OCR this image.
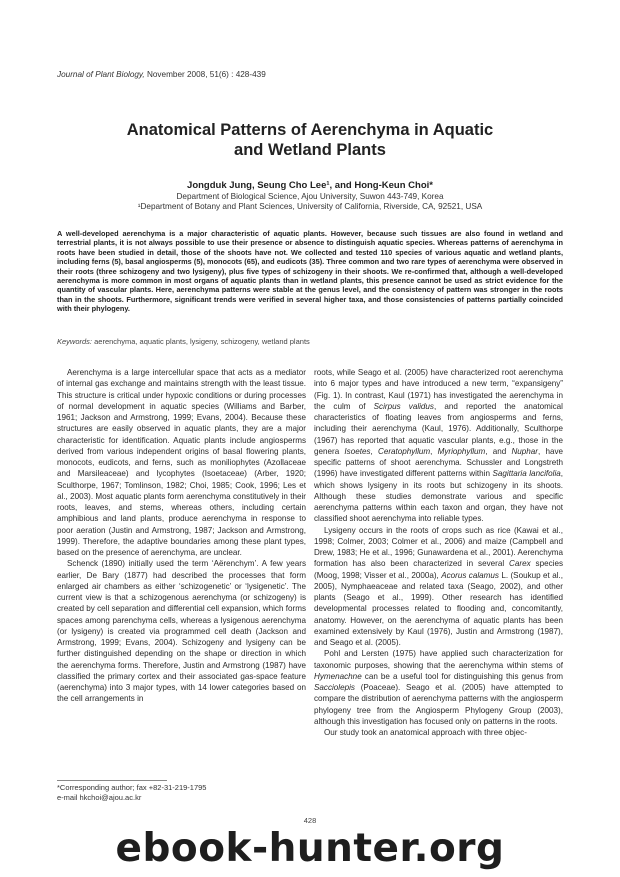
Journal of Plant Biology, November 2008, 51(6) : 428-439
Anatomical Patterns of Aerenchyma in Aquatic
and Wetland Plants
Jongduk Jung, Seung Cho Lee¹, and Hong-Keun Choi*
Department of Biological Science, Ajou University, Suwon 443-749, Korea
¹Department of Botany and Plant Sciences, University of California, Riverside, CA, 92521, USA
A well-developed aerenchyma is a major characteristic of aquatic plants. However, because such tissues are also found in wetland and terrestrial plants, it is not always possible to use their presence or absence to distinguish aquatic species. Whereas patterns of aerenchyma in roots have been studied in detail, those of the shoots have not. We collected and tested 110 species of various aquatic and wetland plants, including ferns (5), basal angiosperms (5), monocots (65), and eudicots (35). Three common and two rare types of aerenchyma were observed in their roots (three schizogeny and two lysigeny), plus five types of schizogeny in their shoots. We re-confirmed that, although a well-developed aerenchyma is more common in most organs of aquatic plants than in wetland plants, this presence cannot be used as strict evidence for the quantity of vascular plants. Here, aerenchyma patterns were stable at the genus level, and the consistency of pattern was stronger in the roots than in the shoots. Furthermore, significant trends were verified in several higher taxa, and those consistencies of patterns partially coincided with their phylogeny.
Keywords: aerenchyma, aquatic plants, lysigeny, schizogeny, wetland plants

Aerenchyma is a large intercellular space that acts as a mediator of internal gas exchange and maintains strength with the least tissue. This structure is critical under hypoxic conditions or during processes of normal development in aquatic species (Williams and Barber, 1961; Jackson and Armstrong, 1999; Evans, 2004). Because these structures are easily observed in aquatic plants, they are a major characteristic for identification. Aquatic plants include angiosperms derived from various independent origins of basal flowering plants, monocots, eudicots, and ferns, such as moniliophytes (Azollaceae and Marsileaceae) and lycophytes (Isoetaceae) (Arber, 1920; Sculthorpe, 1967; Tomlinson, 1982; Choi, 1985; Cook, 1996; Les et al., 2003). Most aquatic plants form aerenchyma constitutively in their roots, leaves, and stems, whereas others, including certain amphibious and land plants, produce aerenchyma in response to poor aeration (Justin and Armstrong, 1987; Jackson and Armstrong, 1999). Therefore, the adaptive boundaries among these plant types, based on the presence of aerenchyma, are unclear.

Schenck (1890) initially used the term ‘Aërenchym’. A few years earlier, De Bary (1877) had described the processes that form enlarged air chambers as either ‘schizogenetic’ or ‘lysigenetic’. The current view is that a schizogenous aerenchyma (or schizogeny) is created by cell separation and differential cell expansion, which forms spaces among parenchyma cells, whereas a lysigenous aerenchyma (or lysigeny) is created via programmed cell death (Jackson and Armstrong, 1999; Evans, 2004). Schizogeny and lysigeny can be further distinguished depending on the shape or direction in which the aerenchyma forms. Therefore, Justin and Armstrong (1987) have classified the primary cortex and their associated gas-space feature (aerenchyma) into 3 major types, with 14 lower categories based on the cell arrangements in

roots, while Seago et al. (2005) have characterized root aerenchyma into 6 major types and have introduced a new term, “expansigeny” (Fig. 1). In contrast, Kaul (1971) has investigated the aerenchyma in the culm of Scirpus validus, and reported the anatomical characteristics of floating leaves from angiosperms and ferns, including their aerenchyma (Kaul, 1976). Additionally, Sculthorpe (1967) has reported that aquatic vascular plants, e.g., those in the genera Isoetes, Ceratophyllum, Myriophyllum, and Nuphar, have specific patterns of shoot aerenchyma. Schussler and Longstreth (1996) have investigated different patterns within Sagittaria lancifolia, which shows lysigeny in its roots but schizogeny in its shoots. Although these studies demonstrate various and specific aerenchyma patterns within each taxon and organ, they have not classified shoot aerenchyma into reliable types.

Lysigeny occurs in the roots of crops such as rice (Kawai et al., 1998; Colmer, 2003; Colmer et al., 2006) and maize (Campbell and Drew, 1983; He et al., 1996; Gunawardena et al., 2001). Aerenchyma formation has also been characterized in several Carex species (Moog, 1998; Visser et al., 2000a), Acorus calamus L. (Soukup et al., 2005), Nymphaeaceae and related taxa (Seago, 2002), and other plants (Seago et al., 1999). Other research has identified developmental processes related to flooding and, concomitantly, anatomy. However, on the aerenchyma of aquatic plants has been examined extensively by Kaul (1976), Justin and Armstrong (1987), and Seago et al. (2005).

Pohl and Lersten (1975) have applied such characterization for taxonomic purposes, showing that the aerenchyma within stems of Hymenachne can be a useful tool for distinguishing this genus from Sacciolepis (Poaceae). Seago et al. (2005) have attempted to compare the distribution of aerenchyma patterns with the angiosperm phylogeny tree from the Angiosperm Phylogeny Group (2003), although this investigation has focused only on patterns in the roots.

Our study took an anatomical approach with three objec-

*Corresponding author; fax +82-31-219-1795
e-mail hkchoi@ajou.ac.kr
428
ebook-hunter.org
